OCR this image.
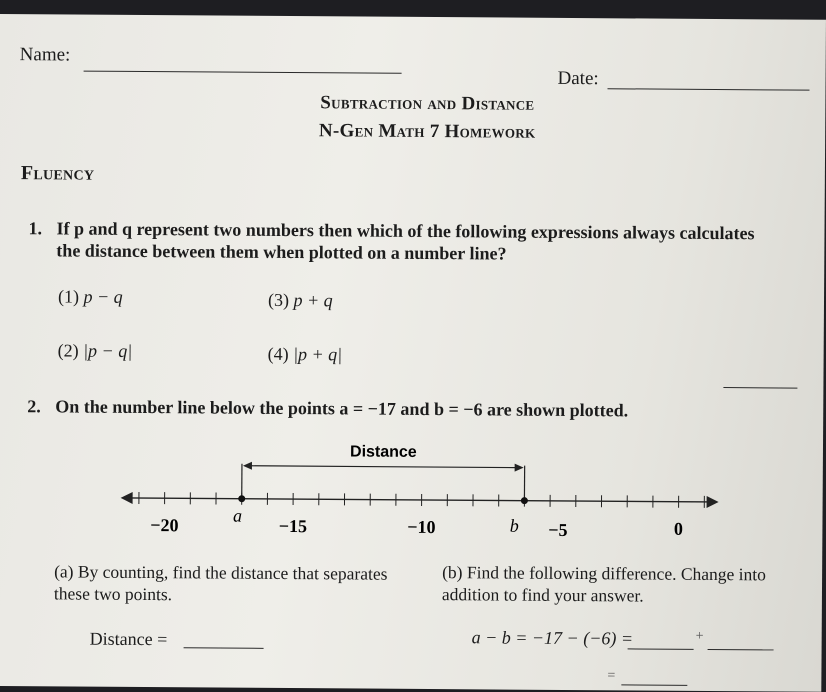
Name:
Date:
Subtraction and Distance
N-Gen Math 7 Homework
Fluency
1. If p and q represent two numbers then which of the following expressions always calculates
the distance between them when plotted on a number line?
(1) p − q	(3) p + q
(2) |p − q|	(4) |p + q|
2. On the number line below the points a = −17 and b = −6 are shown plotted.
Distance
a	b
−20	−15	−10	−5	0
(a) By counting, find the distance that separates these two points.
Distance =
(b) Find the following difference. Change into addition to find your answer.
a − b = −17 − (−6) =	+
=
